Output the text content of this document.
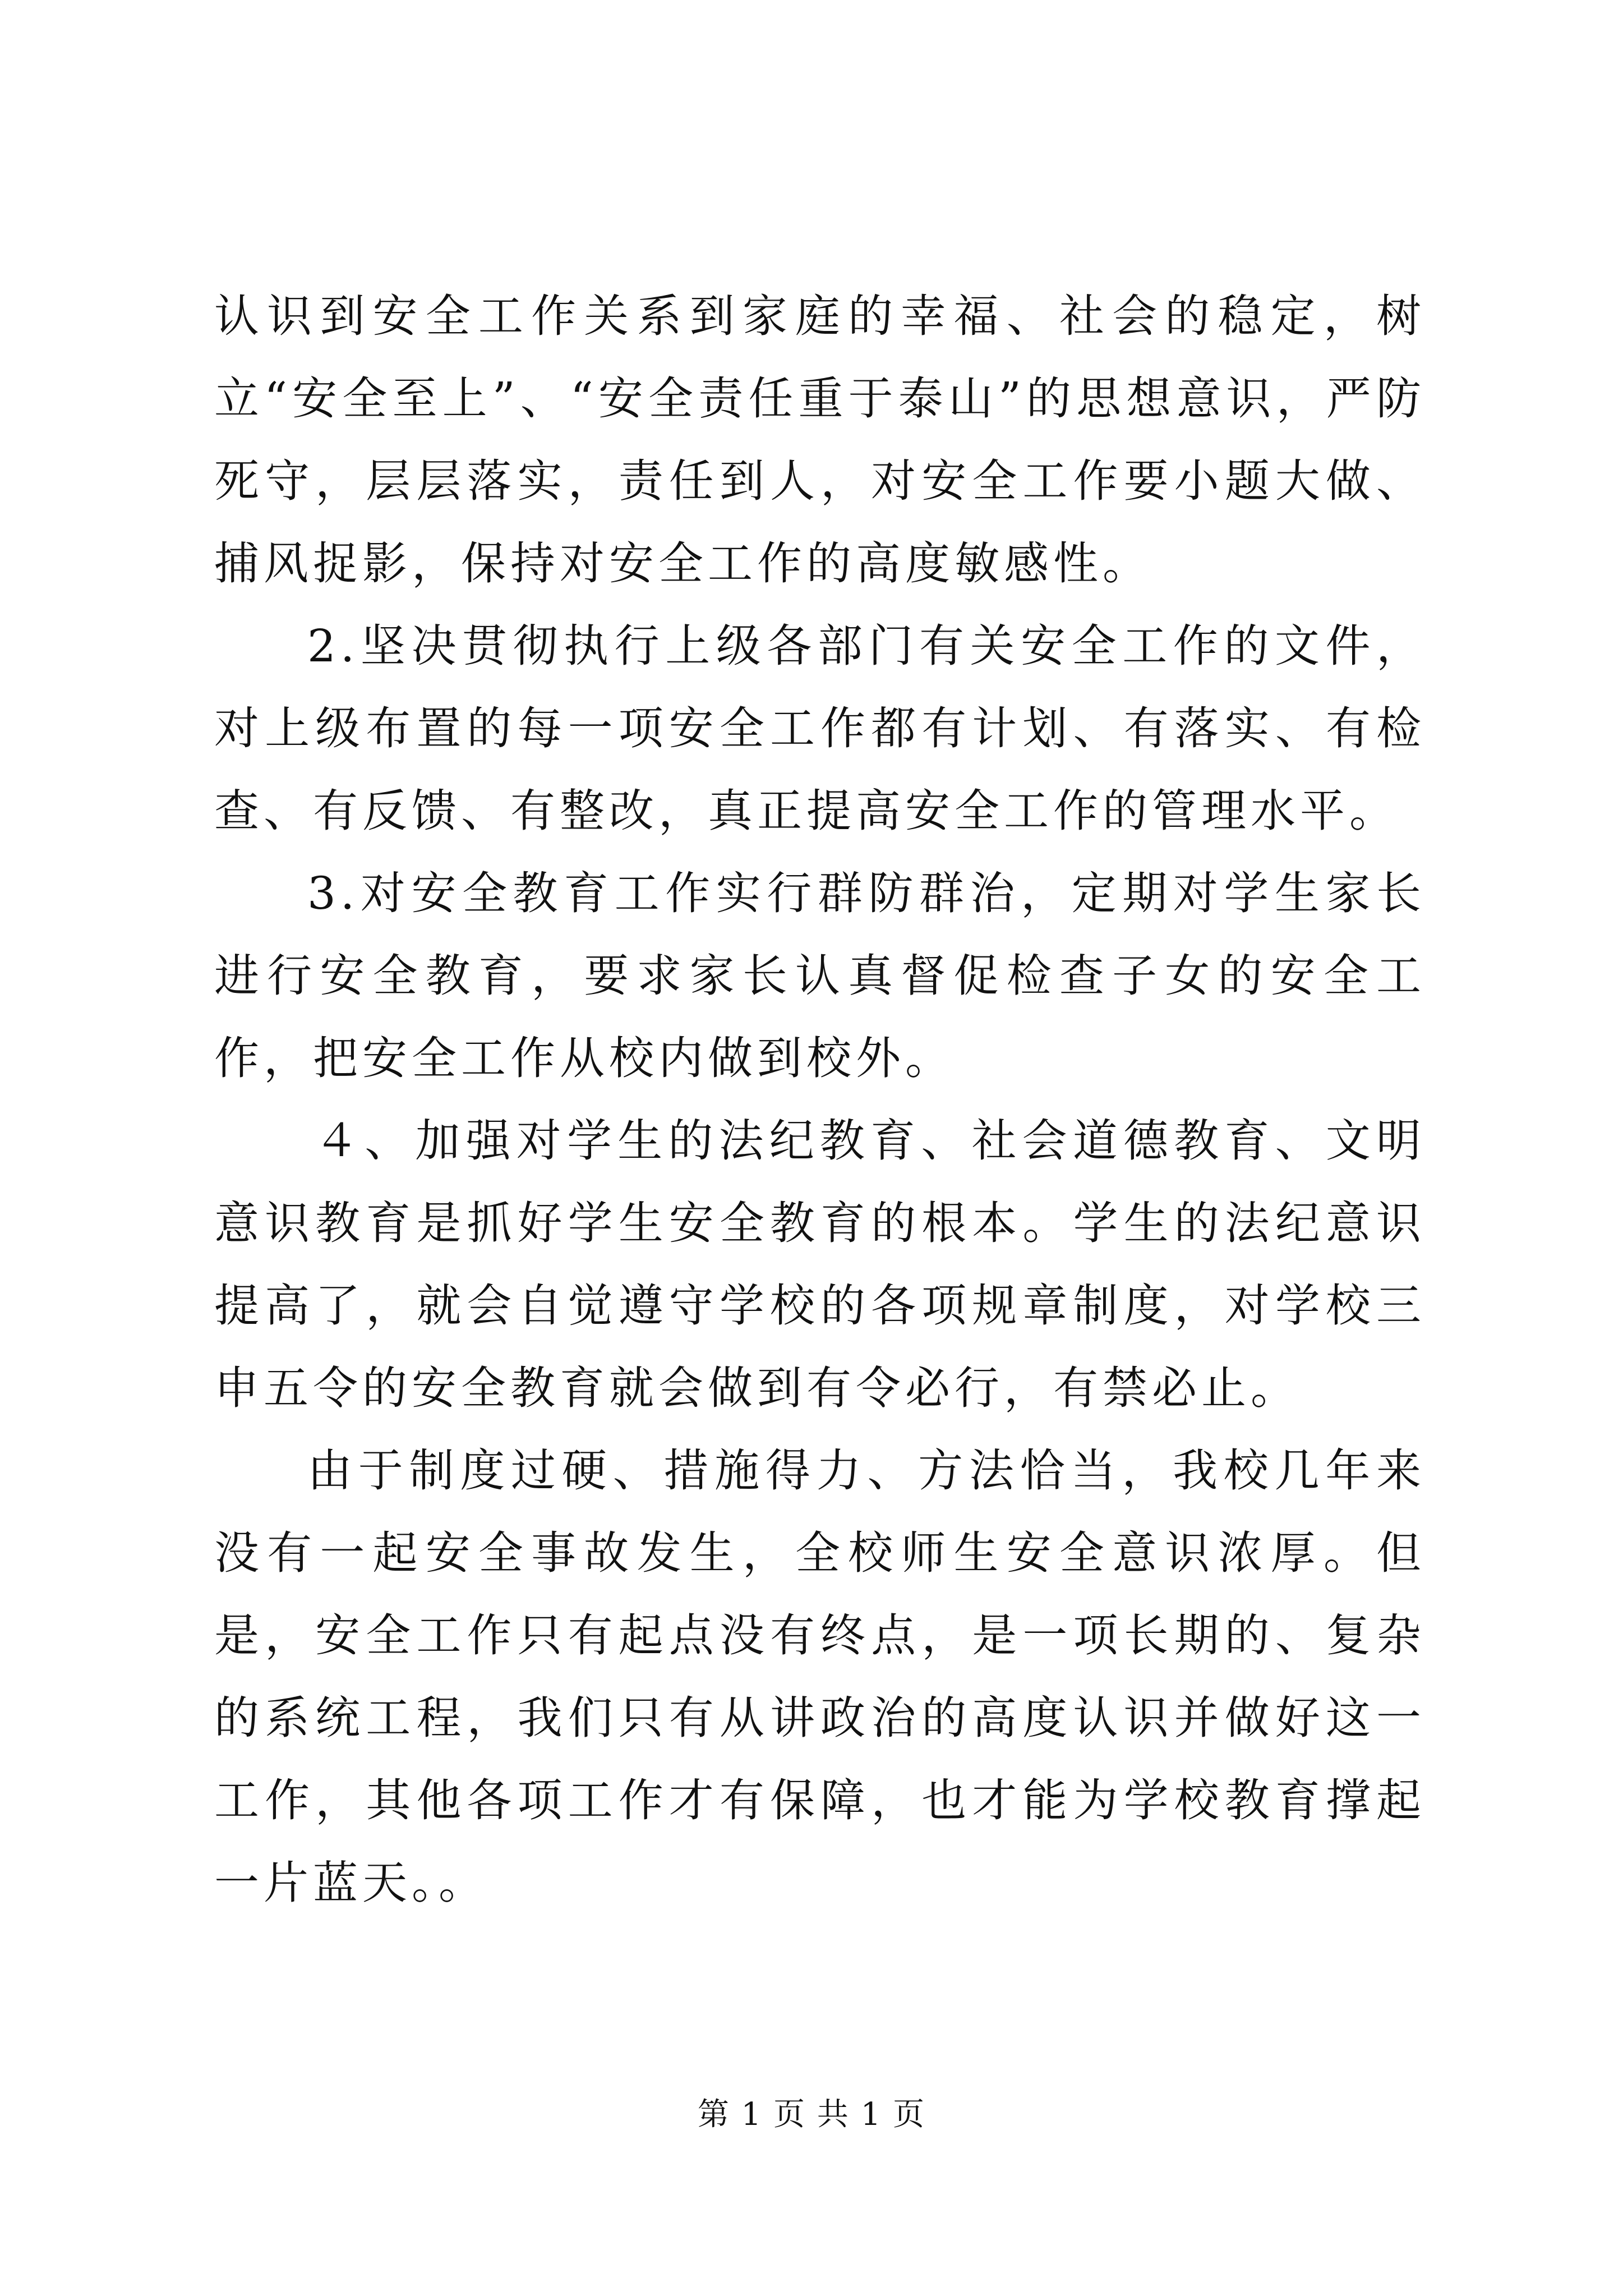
认识到安全工作关系到家庭的幸福、社会的稳定，树立“安全至上”、“安全责任重于泰山”的思想意识，严防死守，层层落实，责任到人，对安全工作要小题大做、捕风捉影，保持对安全工作的高度敏感性。

2.坚决贯彻执行上级各部门有关安全工作的文件，对上级布置的每一项安全工作都有计划、有落实、有检查、有反馈、有整改，真正提高安全工作的管理水平。

3.对安全教育工作实行群防群治，定期对学生家长进行安全教育，要求家长认真督促检查子女的安全工作，把安全工作从校内做到校外。

４、加强对学生的法纪教育、社会道德教育、文明意识教育是抓好学生安全教育的根本。学生的法纪意识提高了，就会自觉遵守学校的各项规章制度，对学校三申五令的安全教育就会做到有令必行，有禁必止。

由于制度过硬、措施得力、方法恰当，我校几年来没有一起安全事故发生，全校师生安全意识浓厚。但是，安全工作只有起点没有终点，是一项长期的、复杂的系统工程，我们只有从讲政治的高度认识并做好这一工作，其他各项工作才有保障，也才能为学校教育撑起一片蓝天。。

第 1 页 共 1 页
